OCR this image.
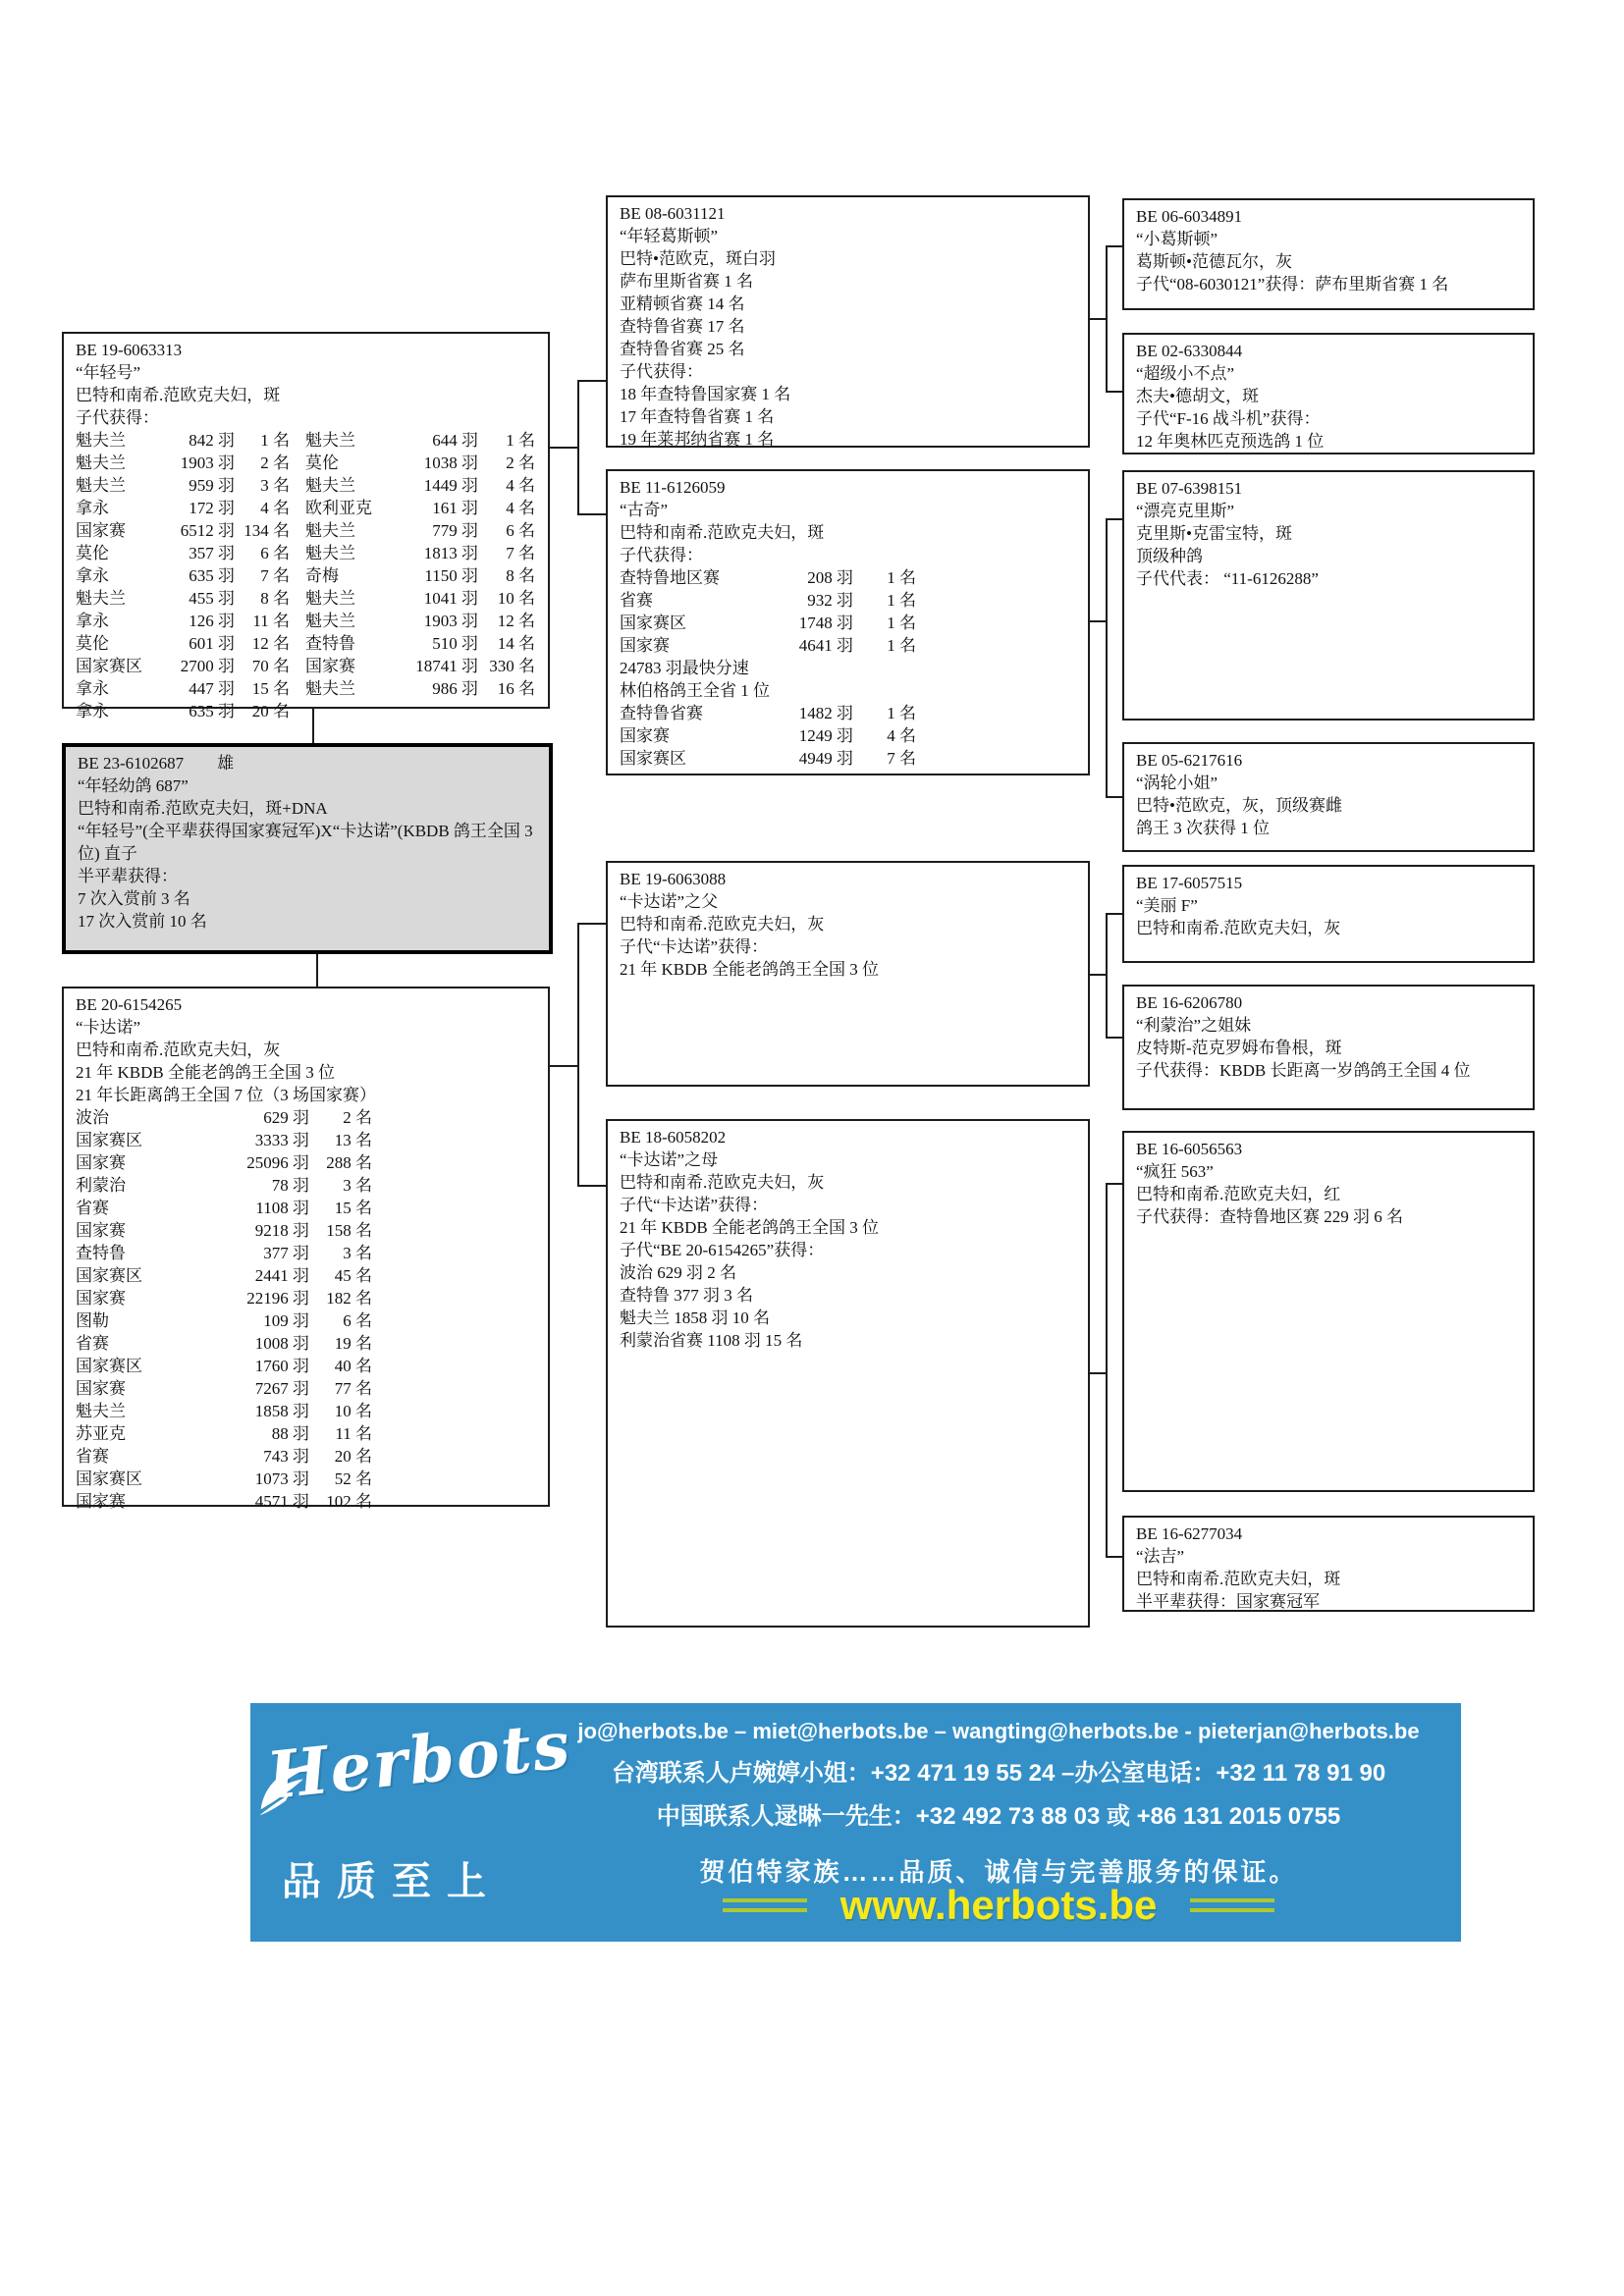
BE 19-6063313
“年轻号”
巴特和南希.范欧克夫妇，斑
子代获得：
魁夫兰	842 羽	1 名 魁夫兰	644 羽	1 名
魁夫兰	1903 羽	2 名 莫伦	1038 羽	2 名
魁夫兰	959 羽	3 名 魁夫兰	1449 羽	4 名
拿永	172 羽	4 名 欧利亚克	161 羽	4 名
国家赛	6512 羽 134 名 魁夫兰	779 羽	6 名
莫伦	357 羽	6 名 魁夫兰	1813 羽	7 名
拿永	635 羽	7 名 奇梅	1150 羽	8 名
魁夫兰	455 羽	8 名 魁夫兰	1041 羽	10 名
拿永	126 羽	11 名 魁夫兰	1903 羽	12 名
莫伦	601 羽	12 名 查特鲁	510 羽	14 名
国家赛区	2700 羽	70 名 国家赛	18741 羽 330 名
拿永	447 羽	15 名 魁夫兰	986 羽	16 名
拿永	635 羽	20 名
BE 23-6102687　　雄
“年轻幼鸽 687”
巴特和南希.范欧克夫妇，斑+DNA
“年轻号”(全平辈获得国家赛冠军)X“卡达诺”(KBDB 鸽王全国 3 位) 直子
半平辈获得：
7 次入赏前 3 名
17 次入赏前 10 名
BE 20-6154265
“卡达诺”
巴特和南希.范欧克夫妇，灰
21 年 KBDB 全能老鸽鸽王全国 3 位
21 年长距离鸽王全国 7 位（3 场国家赛）
波治	629 羽	2 名
国家赛区	3333 羽	13 名
国家赛	25096 羽	288 名
利蒙治	78 羽	3 名
省赛	1108 羽	15 名
国家赛	9218 羽	158 名
查特鲁	377 羽	3 名
国家赛区	2441 羽	45 名
国家赛	22196 羽	182 名
图勒	109 羽	6 名
省赛	1008 羽	19 名
国家赛区	1760 羽	40 名
国家赛	7267 羽	77 名
魁夫兰	1858 羽	10 名
苏亚克	88 羽	11 名
省赛	743 羽	20 名
国家赛区	1073 羽	52 名
国家赛	4571 羽	102 名
BE 08-6031121
“年轻葛斯顿”
巴特•范欧克，斑白羽
萨布里斯省赛 1 名
亚精顿省赛 14 名
查特鲁省赛 17 名
查特鲁省赛 25 名
子代获得：
18 年查特鲁国家赛 1 名
17 年查特鲁省赛 1 名
19 年莱邦纳省赛 1 名
BE 11-6126059
“古奇”
巴特和南希.范欧克夫妇，斑
子代获得：
查特鲁地区赛	208 羽	1 名
省赛	932 羽	1 名
国家赛区	1748 羽	1 名
国家赛	4641 羽	1 名
24783 羽最快分速
林伯格鸽王全省 1 位
查特鲁省赛	1482 羽	1 名
国家赛	1249 羽	4 名
国家赛区	4949 羽	7 名
BE 19-6063088
“卡达诺”之父
巴特和南希.范欧克夫妇，灰
子代“卡达诺”获得：
21 年 KBDB 全能老鸽鸽王全国 3 位
BE 18-6058202
“卡达诺”之母
巴特和南希.范欧克夫妇，灰
子代“卡达诺”获得：
21 年 KBDB 全能老鸽鸽王全国 3 位
子代“BE 20-6154265”获得：
波治 629 羽 2 名
查特鲁 377 羽 3 名
魁夫兰 1858 羽 10 名
利蒙治省赛 1108 羽 15 名
BE 06-6034891
“小葛斯顿”
葛斯顿•范德瓦尔，灰
子代“08-6030121”获得：萨布里斯省赛 1 名
BE 02-6330844
“超级小不点”
杰夫•德胡文，斑
子代“F-16 战斗机”获得：
12 年奥林匹克预选鸽 1 位
BE 07-6398151
“漂亮克里斯”
克里斯•克雷宝特，斑
顶级种鸽
子代代表： “11-6126288”
BE 05-6217616
“涡轮小姐”
巴特•范欧克，灰，顶级赛雌
鸽王 3 次获得 1 位
BE 17-6057515
“美丽 F”
巴特和南希.范欧克夫妇，灰
BE 16-6206780
“利蒙治”之姐妹
皮特斯-范克罗姆布鲁根，斑
子代获得：KBDB 长距离一岁鸽鸽王全国 4 位
BE 16-6056563
“疯狂 563”
巴特和南希.范欧克夫妇，红
子代获得：查特鲁地区赛 229 羽 6 名
BE 16-6277034
“法吉”
巴特和南希.范欧克夫妇，斑
半平辈获得：国家赛冠军
Herbots
品质至上
jo@herbots.be – miet@herbots.be – wangting@herbots.be - pieterjan@herbots.be
台湾联系人卢婉婷小姐：+32 471 19 55 24 –办公室电话：+32 11 78 91 90
中国联系人逯晽一先生：+32 492 73 88 03 或 +86 131 2015 0755
贺伯特家族……品质、诚信与完善服务的保证。
www.herbots.be
